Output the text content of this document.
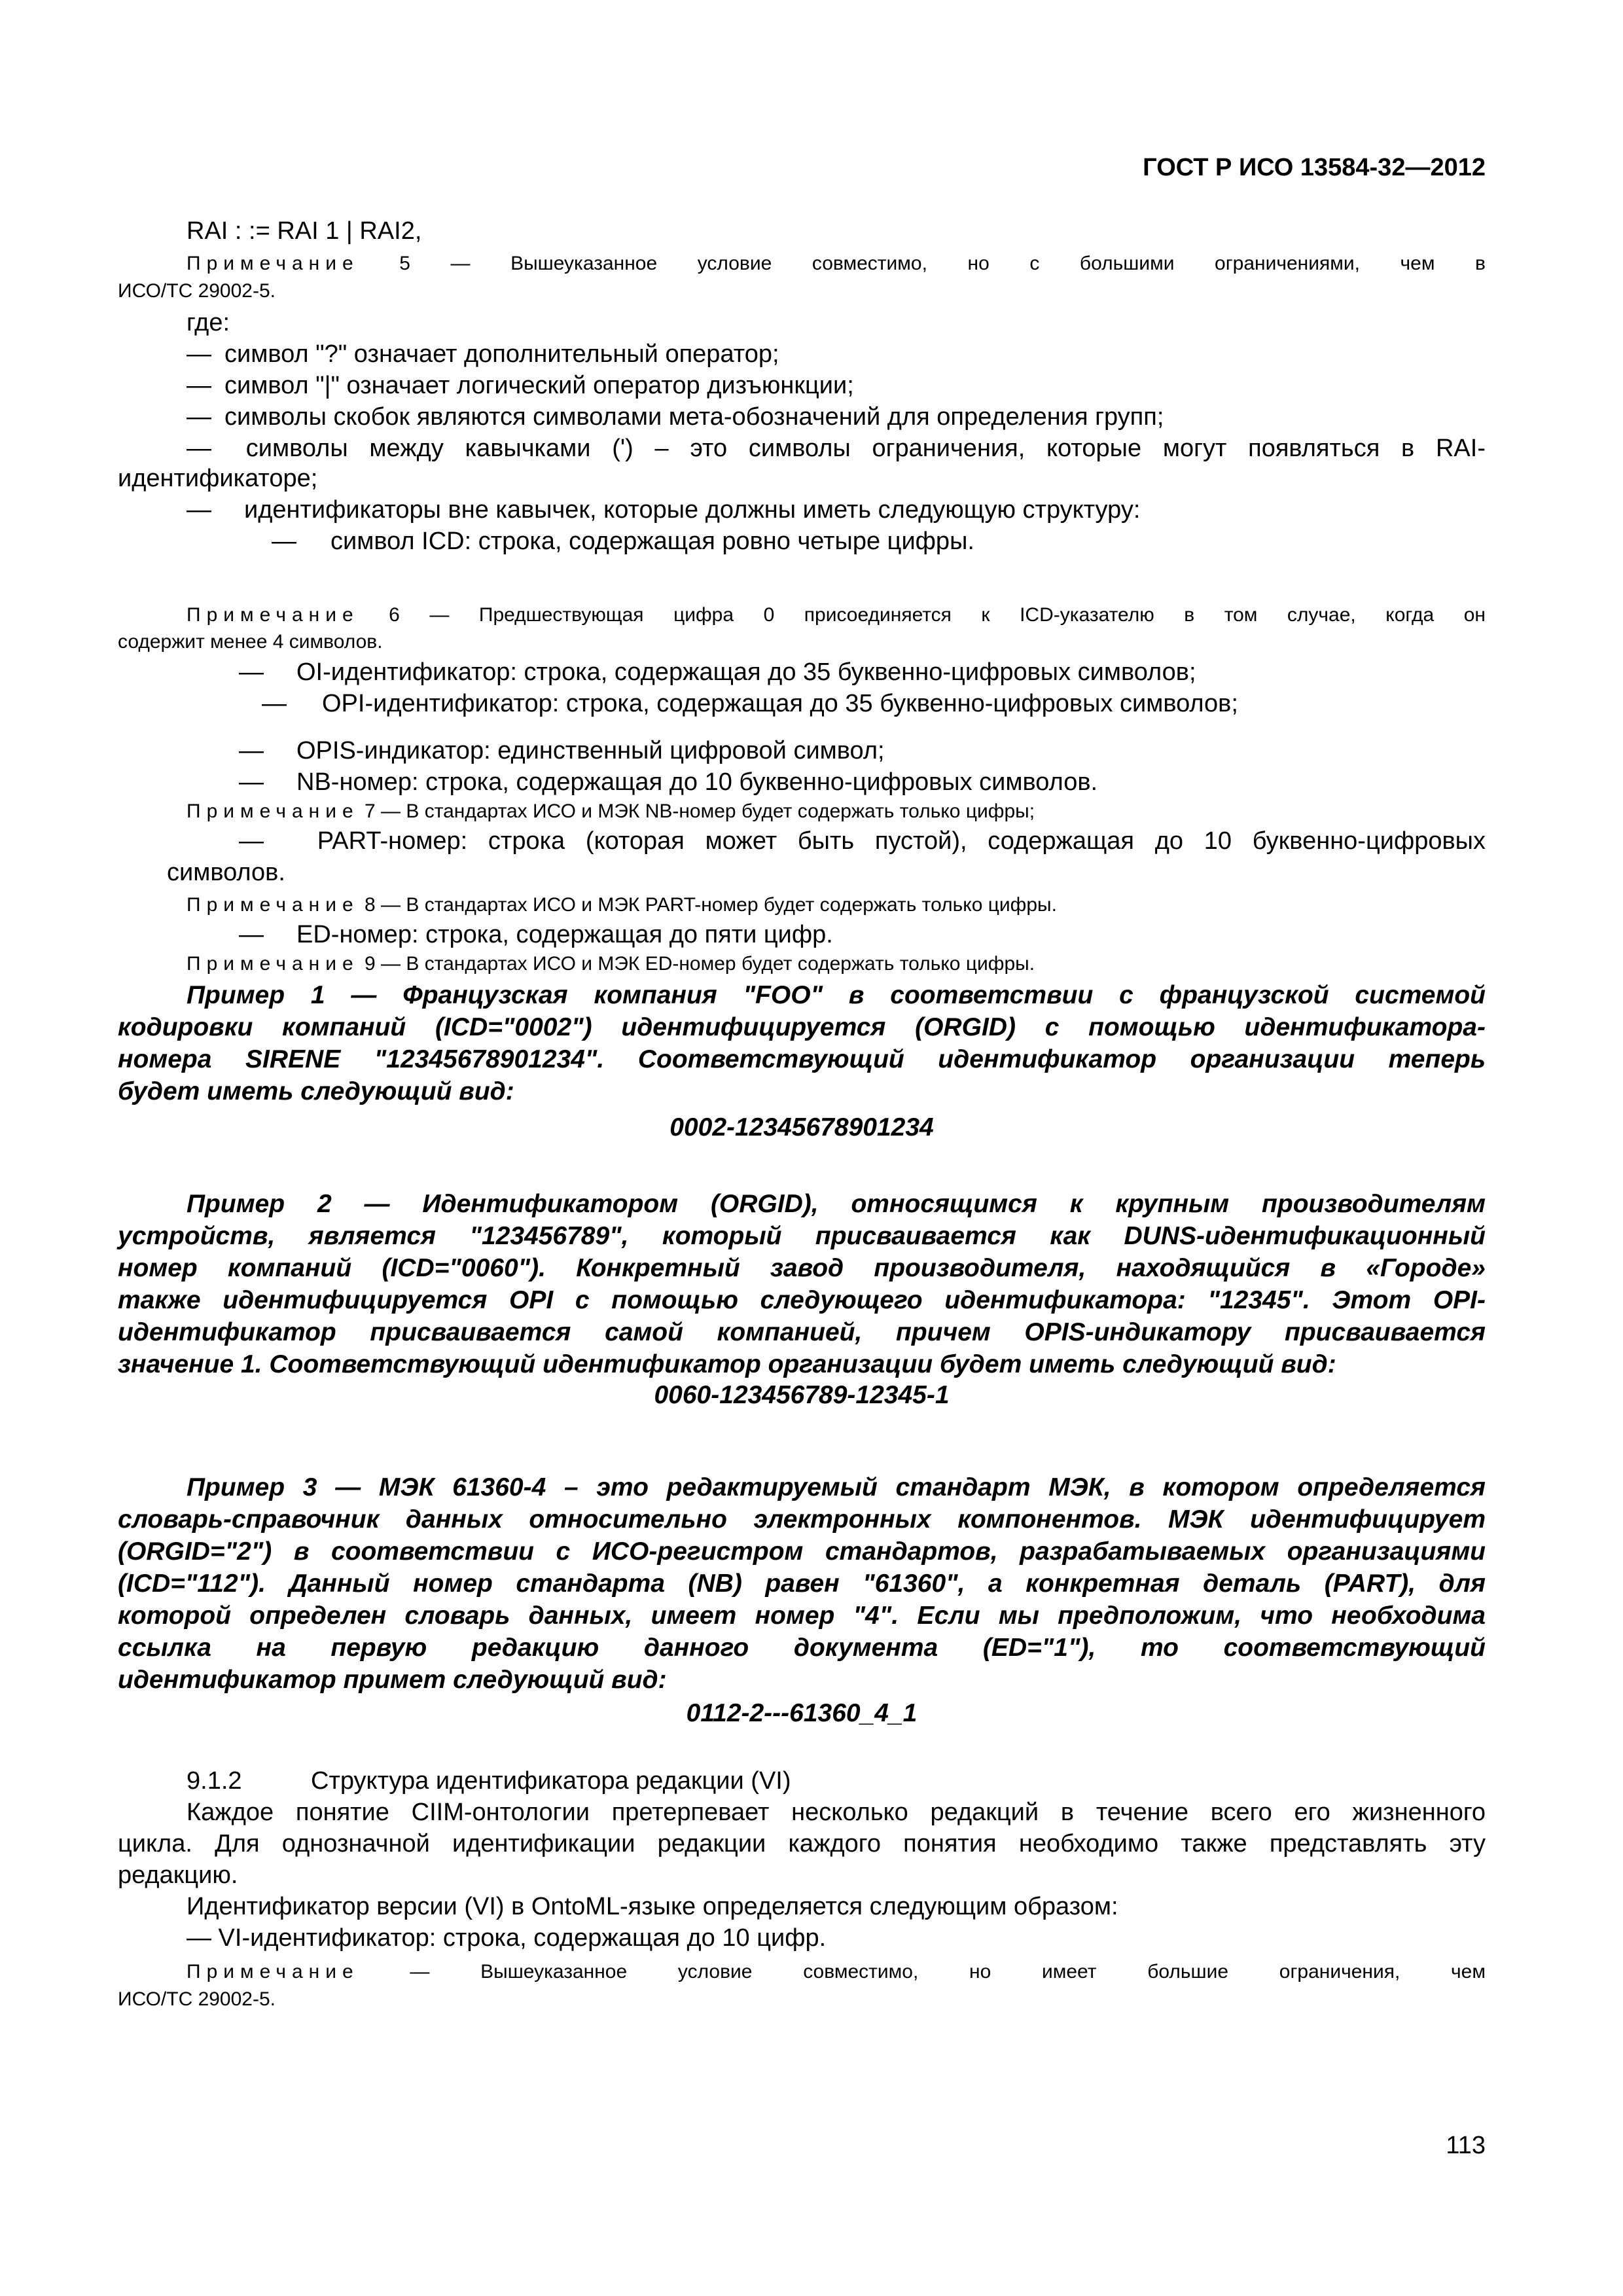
ГОСТ Р ИСО 13584-32—2012
RAI : := RAI 1 | RAI2,
Примечание 5 — Вышеуказанное условие совместимо, но с большими ограничениями, чем в
ИСО/ТС 29002-5.
где:
— символ "?" означает дополнительный оператор;
— символ "|" означает логический оператор дизъюнкции;
— символы скобок являются символами мета-обозначений для определения групп;
— символы между кавычками (') – это символы ограничения, которые могут появляться в RAI-
идентификаторе;
— идентификаторы вне кавычек, которые должны иметь следующую структуру:
— символ ICD: строка, содержащая ровно четыре цифры.
Примечание 6 — Предшествующая цифра 0 присоединяется к ICD-указателю в том случае, когда он
содержит менее 4 символов.
— OI-идентификатор: строка, содержащая до 35 буквенно-цифровых символов;
— OPI-идентификатор: строка, содержащая до 35 буквенно-цифровых символов;
— OPIS-индикатор: единственный цифровой символ;
— NB-номер: строка, содержащая до 10 буквенно-цифровых символов.
Примечание 7 — В стандартах ИСО и МЭК NB-номер будет содержать только цифры;
— PART-номер: строка (которая может быть пустой), содержащая до 10 буквенно-цифровых
символов.
Примечание 8 — В стандартах ИСО и МЭК PART-номер будет содержать только цифры.
— ED-номер: строка, содержащая до пяти цифр.
Примечание 9 — В стандартах ИСО и МЭК ED-номер будет содержать только цифры.
Пример 1 — Французская компания "FOO" в соответствии с французской системой
кодировки компаний (ICD="0002") идентифицируется (ORGID) с помощью идентификатора-
номера SIRENE "12345678901234". Соответствующий идентификатор организации теперь
будет иметь следующий вид:
0002-12345678901234
Пример 2 — Идентификатором (ORGID), относящимся к крупным производителям
устройств, является "123456789", который присваивается как DUNS-идентификационный
номер компаний (ICD="0060"). Конкретный завод производителя, находящийся в «Городе»
также идентифицируется OPI с помощью следующего идентификатора: "12345". Этот OPI-
идентификатор присваивается самой компанией, причем OPIS-индикатору присваивается
значение 1. Соответствующий идентификатор организации будет иметь следующий вид:
0060-123456789-12345-1
Пример 3 — МЭК 61360-4 – это редактируемый стандарт МЭК, в котором определяется
словарь-справочник данных относительно электронных компонентов. МЭК идентифицирует
(ORGID="2") в соответствии с ИСО-регистром стандартов, разрабатываемых организациями
(ICD="112"). Данный номер стандарта (NB) равен "61360", а конкретная деталь (PART), для
которой определен словарь данных, имеет номер "4". Если мы предположим, что необходима
ссылка на первую редакцию данного документа (ED="1"), то соответствующий
идентификатор примет следующий вид:
0112-2---61360_4_1
9.1.2	Структура идентификатора редакции (VI)
Каждое понятие CIIM-онтологии претерпевает несколько редакций в течение всего его жизненного
цикла. Для однозначной идентификации редакции каждого понятия необходимо также представлять эту
редакцию.
Идентификатор версии (VI) в OntoML-языке определяется следующим образом:
— VI-идентификатор: строка, содержащая до 10 цифр.
Примечание	— Вышеуказанное условие совместимо, но имеет большие ограничения, чем
ИСО/ТС 29002-5.
113
